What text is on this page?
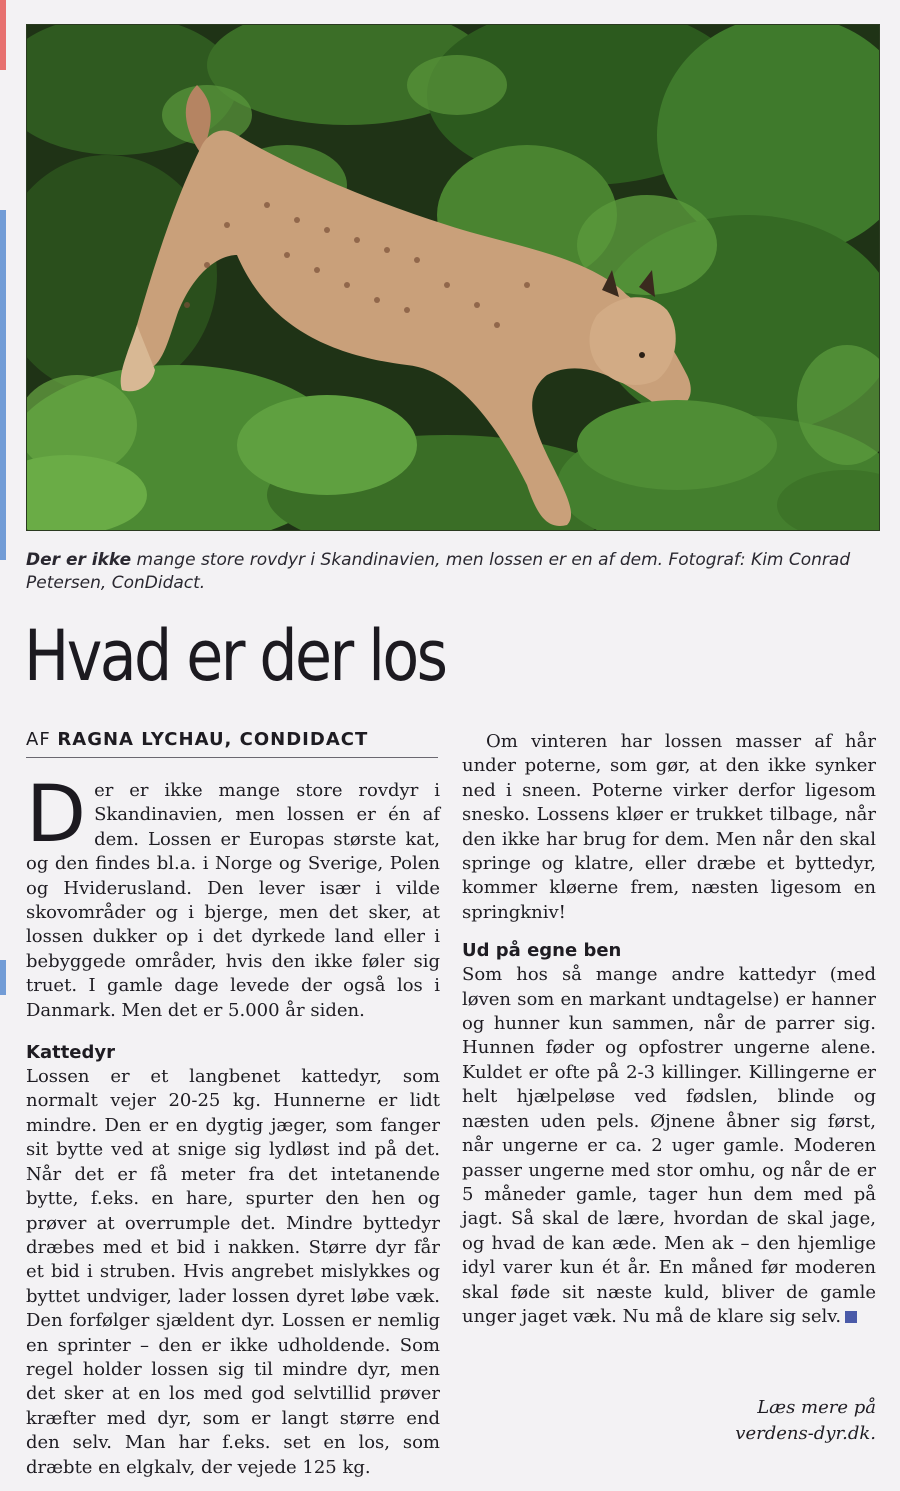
Der er ikke mange store rovdyr i Skandinavien, men lossen er en af dem. Fotograf: Kim Conrad Petersen, ConDidact.
Hvad er der los
AF RAGNA LYCHAU, CONDIDACT

Der er ikke mange store rovdyr i Skandinavien, men lossen er én af dem. Lossen er Europas største kat, og den findes bl.a. i Norge og Sverige, Polen og Hviderusland. Den lever især i vilde skovområder og i bjerge, men det sker, at lossen dukker op i det dyrkede land eller i bebyggede områder, hvis den ikke føler sig truet. I gamle dage levede der også los i Danmark. Men det er 5.000 år siden.

Kattedyr

Lossen er et langbenet kattedyr, som normalt vejer 20-25 kg. Hunnerne er lidt mindre. Den er en dygtig jæger, som fanger sit bytte ved at snige sig lydløst ind på det. Når det er få meter fra det intetanende bytte, f.eks. en hare, spurter den hen og prøver at overrumple det. Mindre byttedyr dræbes med et bid i nakken. Større dyr får et bid i struben. Hvis angrebet mislykkes og byttet undviger, lader lossen dyret løbe væk. Den forfølger sjældent dyr. Lossen er nemlig en sprinter – den er ikke udholdende. Som regel holder lossen sig til mindre dyr, men det sker at en los med god selvtillid prøver kræfter med dyr, som er langt større end den selv. Man har f.eks. set en los, som dræbte en elgkalv, der vejede 125 kg.

Om vinteren har lossen masser af hår under poterne, som gør, at den ikke synker ned i sneen. Poterne virker derfor ligesom snesko. Lossens kløer er trukket tilbage, når den ikke har brug for dem. Men når den skal springe og klatre, eller dræbe et byttedyr, kommer kløerne frem, næsten ligesom en springkniv!

Ud på egne ben

Som hos så mange andre kattedyr (med løven som en markant undtagelse) er hanner og hunner kun sammen, når de parrer sig. Hunnen føder og opfostrer ungerne alene. Kuldet er ofte på 2-3 killinger. Killingerne er helt hjælpeløse ved fødslen, blinde og næsten uden pels. Øjnene åbner sig først, når ungerne er ca. 2 uger gamle. Moderen passer ungerne med stor omhu, og når de er 5 måneder gamle, tager hun dem med på jagt. Så skal de lære, hvordan de skal jage, og hvad de kan æde. Men ak – den hjemlige idyl varer kun ét år. En måned før moderen skal føde sit næste kuld, bliver de gamle unger jaget væk. Nu må de klare sig selv.

Læs mere på
verdens-dyr.dk.
